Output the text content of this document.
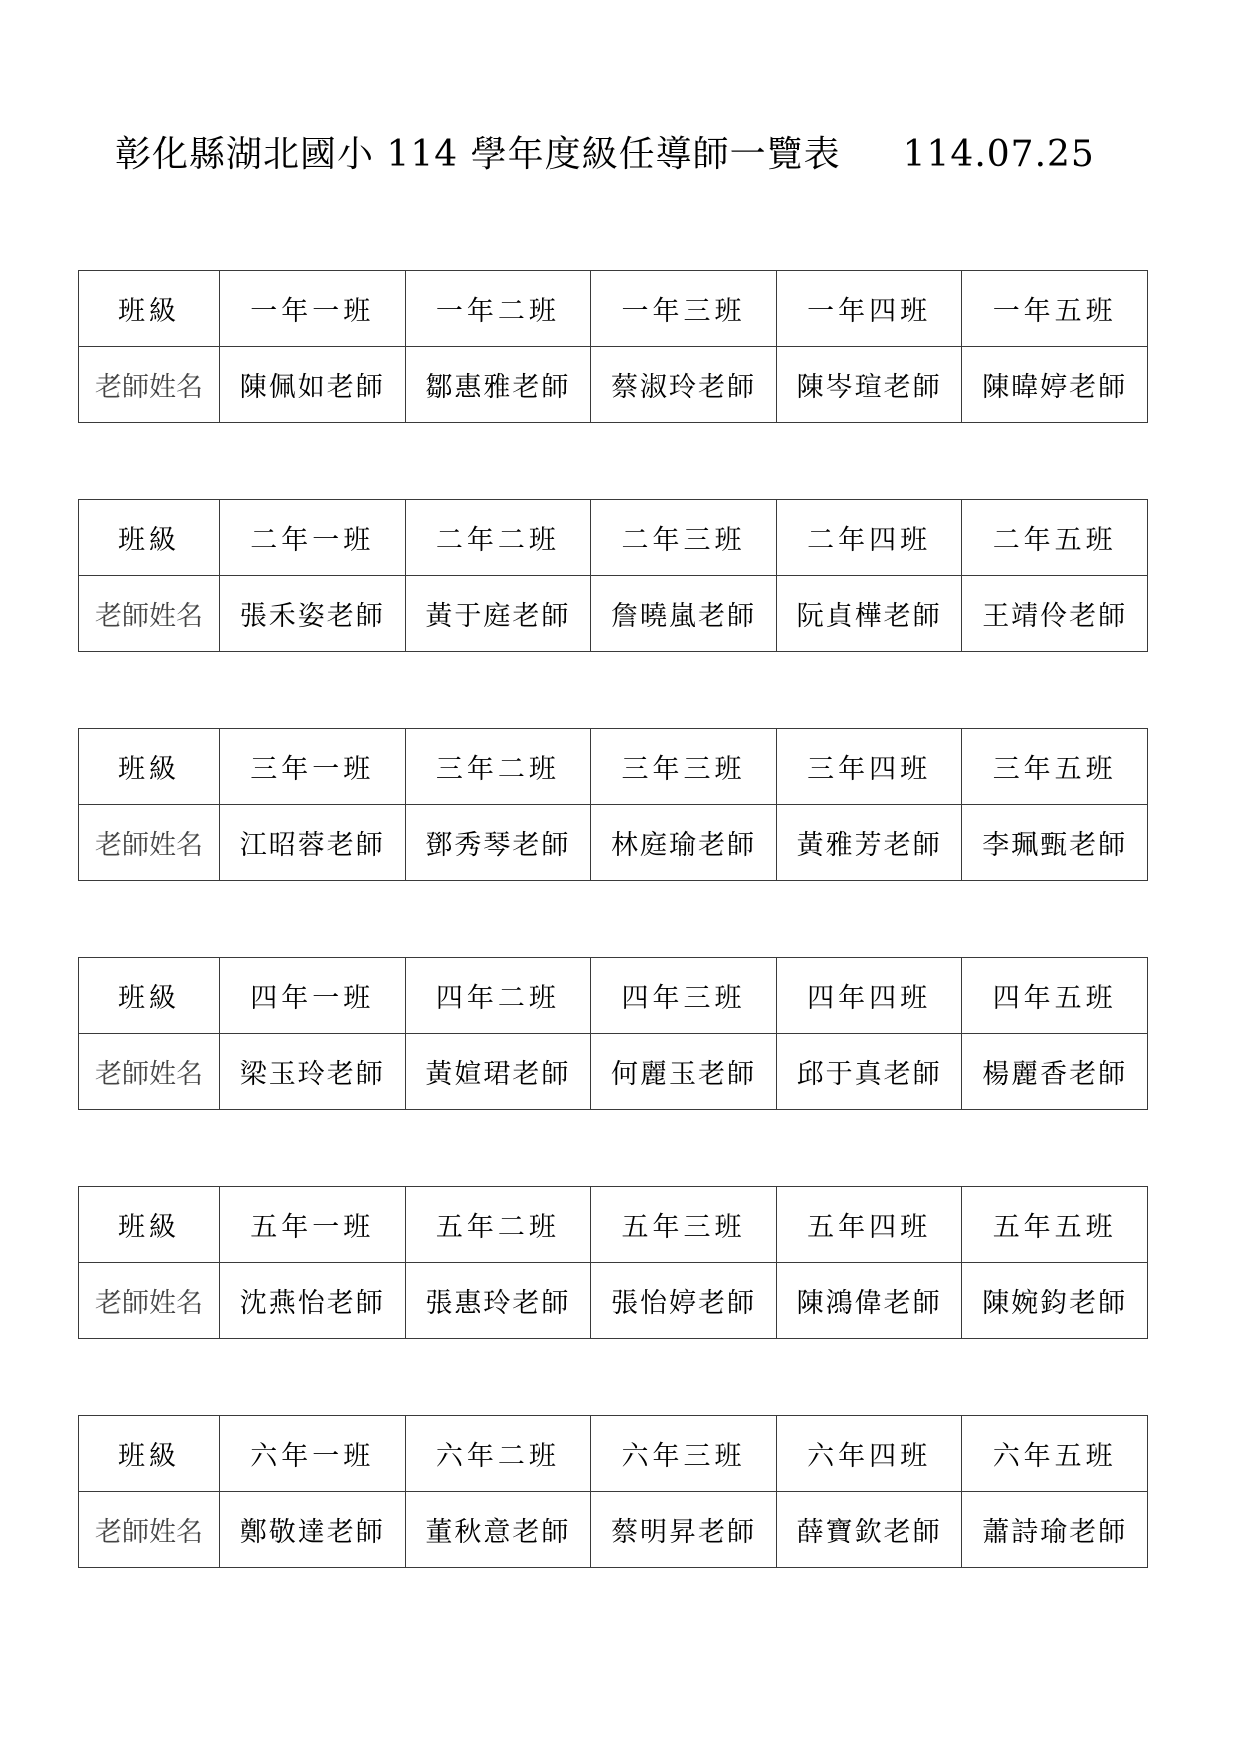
彰化縣湖北國小 114 學年度級任導師一覽表 114.07.25
班級	一年一班	一年二班	一年三班	一年四班	一年五班
老師姓名	陳佩如老師	鄒惠雅老師	蔡淑玲老師	陳岑瑄老師	陳暐婷老師
班級	二年一班	二年二班	二年三班	二年四班	二年五班
老師姓名	張禾姿老師	黃于庭老師	詹曉嵐老師	阮貞樺老師	王靖伶老師
班級	三年一班	三年二班	三年三班	三年四班	三年五班
老師姓名	江昭蓉老師	鄧秀琴老師	林庭瑜老師	黃雅芳老師	李珮甄老師
班級	四年一班	四年二班	四年三班	四年四班	四年五班
老師姓名	梁玉玲老師	黃媗珺老師	何麗玉老師	邱于真老師	楊麗香老師
班級	五年一班	五年二班	五年三班	五年四班	五年五班
老師姓名	沈燕怡老師	張惠玲老師	張怡婷老師	陳鴻偉老師	陳婉鈞老師
班級	六年一班	六年二班	六年三班	六年四班	六年五班
老師姓名	鄭敬達老師	董秋意老師	蔡明昇老師	薛寶欽老師	蕭詩瑜老師
